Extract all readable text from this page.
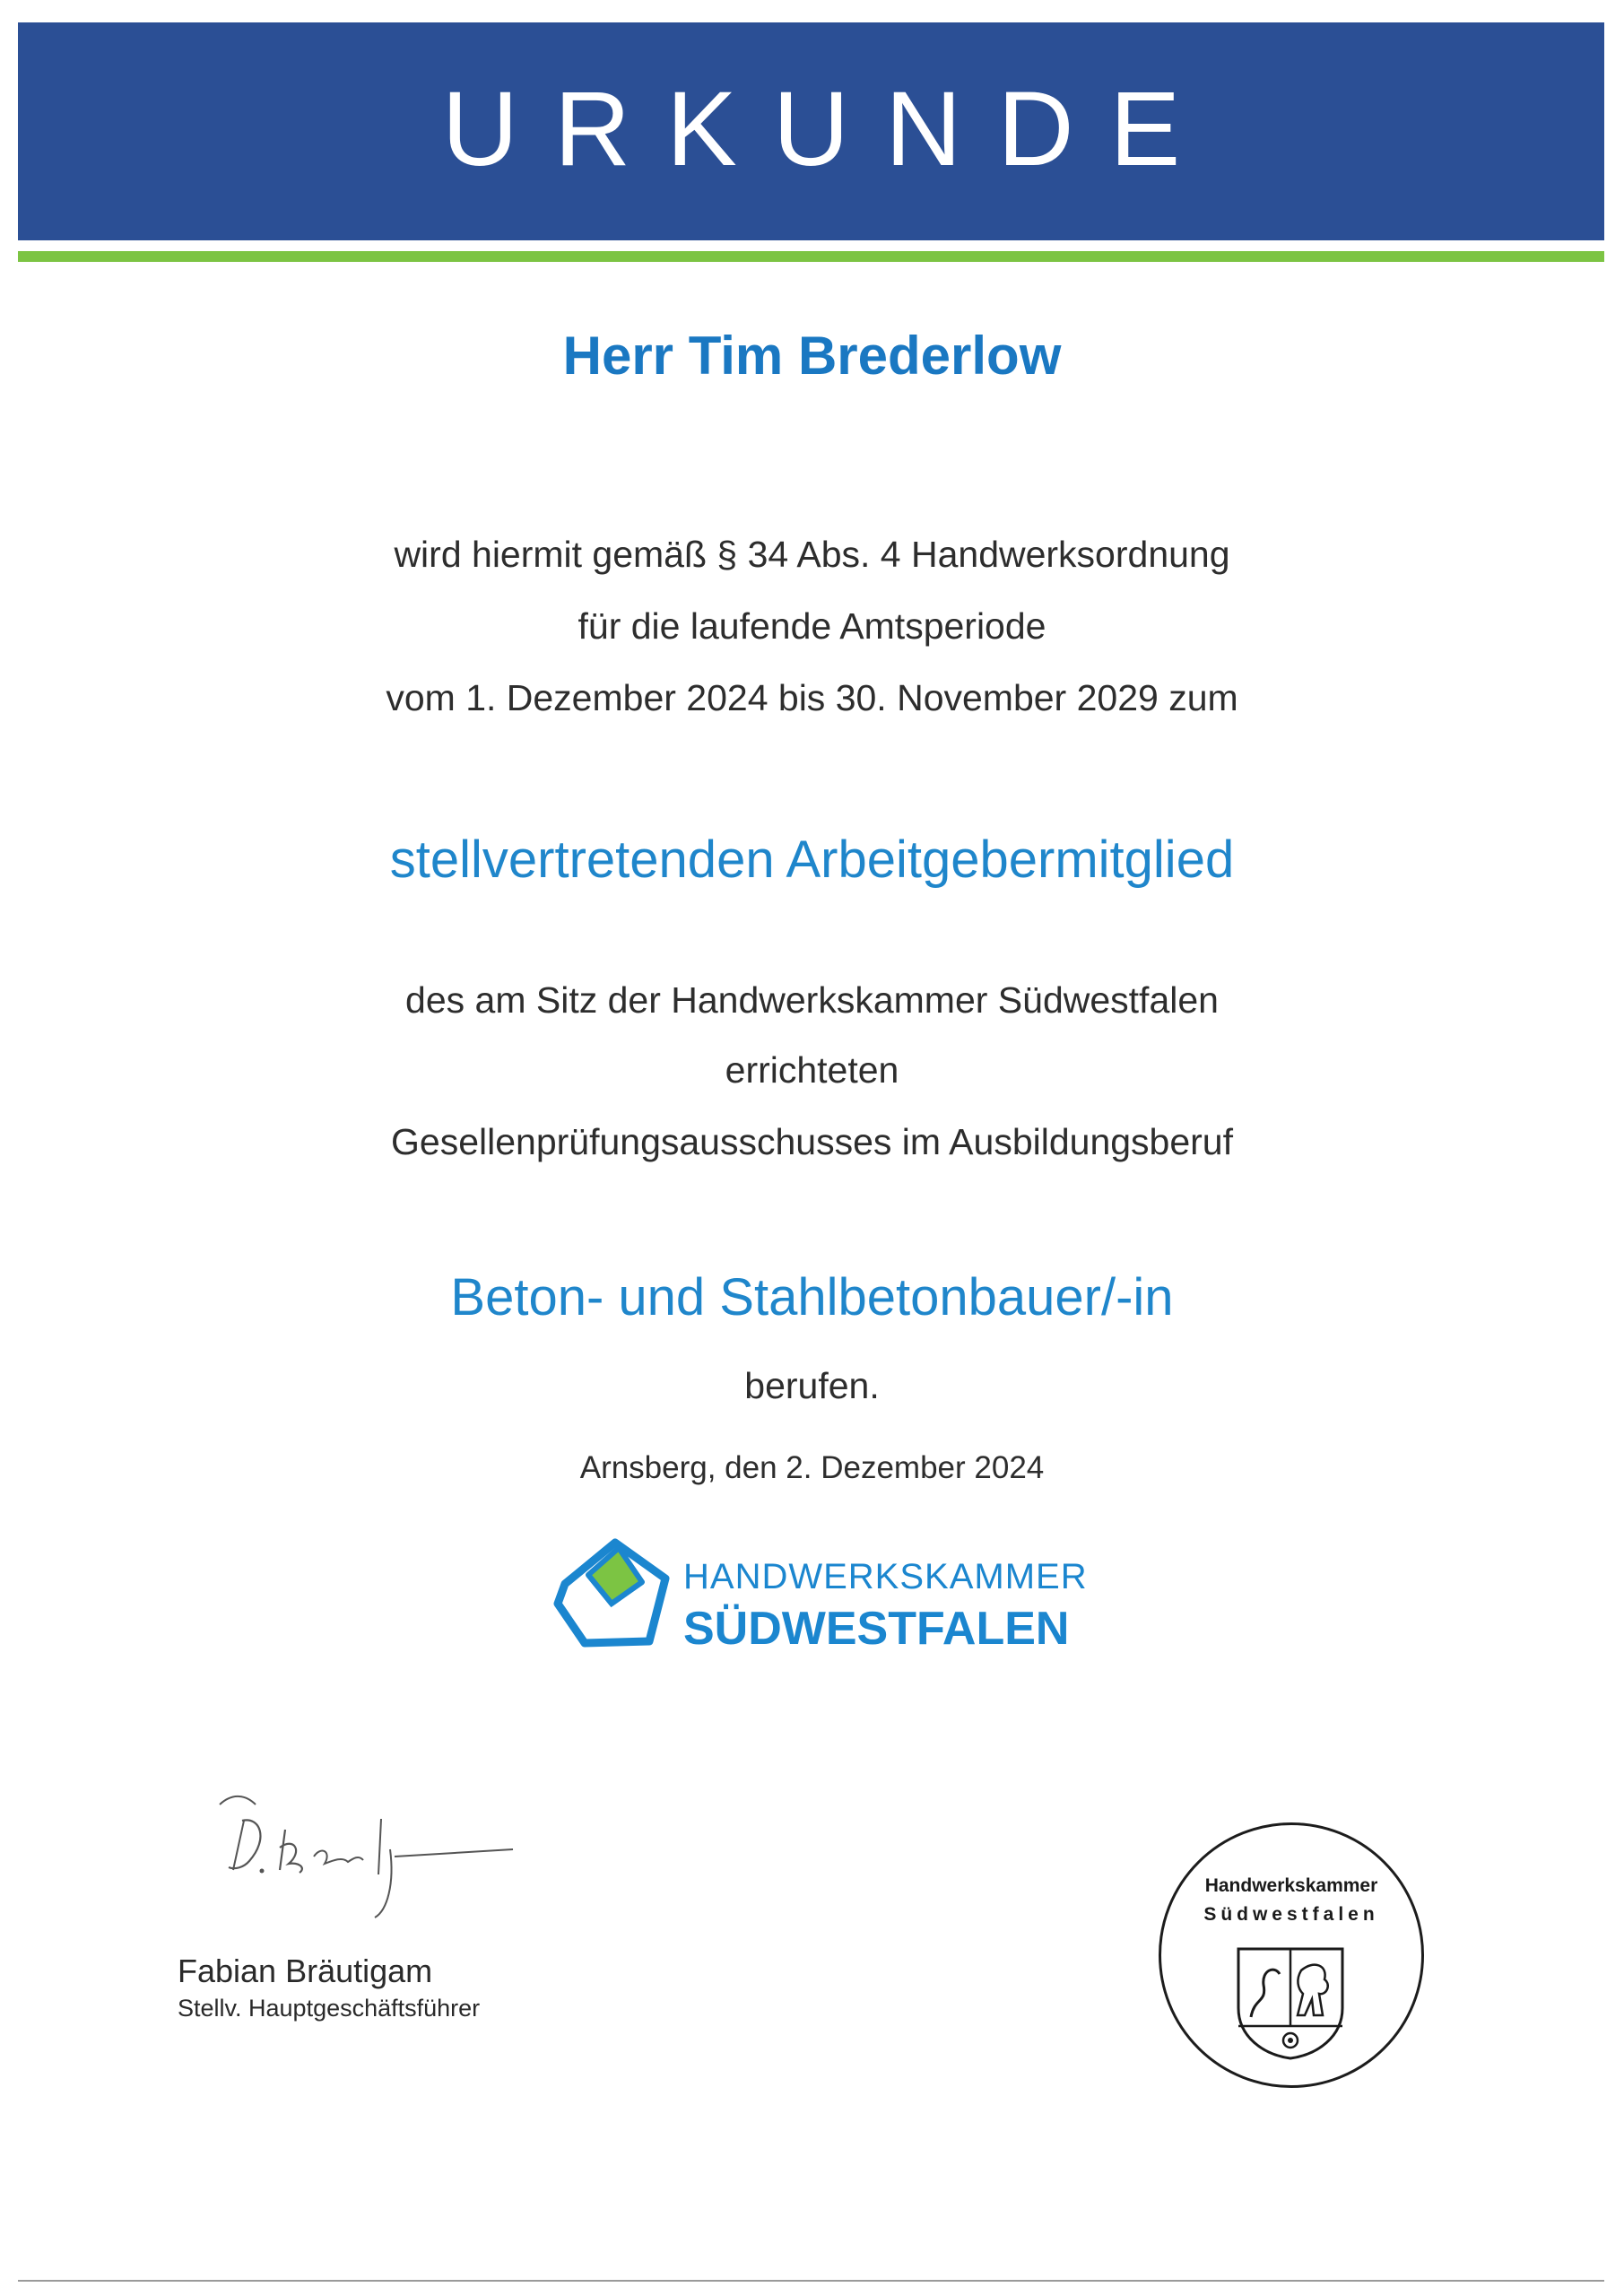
URKUNDE
Herr Tim Brederlow
wird hiermit gemäß § 34 Abs. 4 Handwerksordnung
für die laufende Amtsperiode
vom 1. Dezember 2024 bis 30. November 2029 zum
stellvertretenden Arbeitgebermitglied
des am Sitz der Handwerkskammer Südwestfalen
errichteten
Gesellenprüfungsausschusses im Ausbildungsberuf
Beton- und Stahlbetonbauer/-in
berufen.
Arnsberg, den 2. Dezember 2024
HANDWERKSKAMMER
SÜDWESTFALEN
Fabian Bräutigam
Stellv. Hauptgeschäftsführer
Handwerkskammer
Südwestfalen
